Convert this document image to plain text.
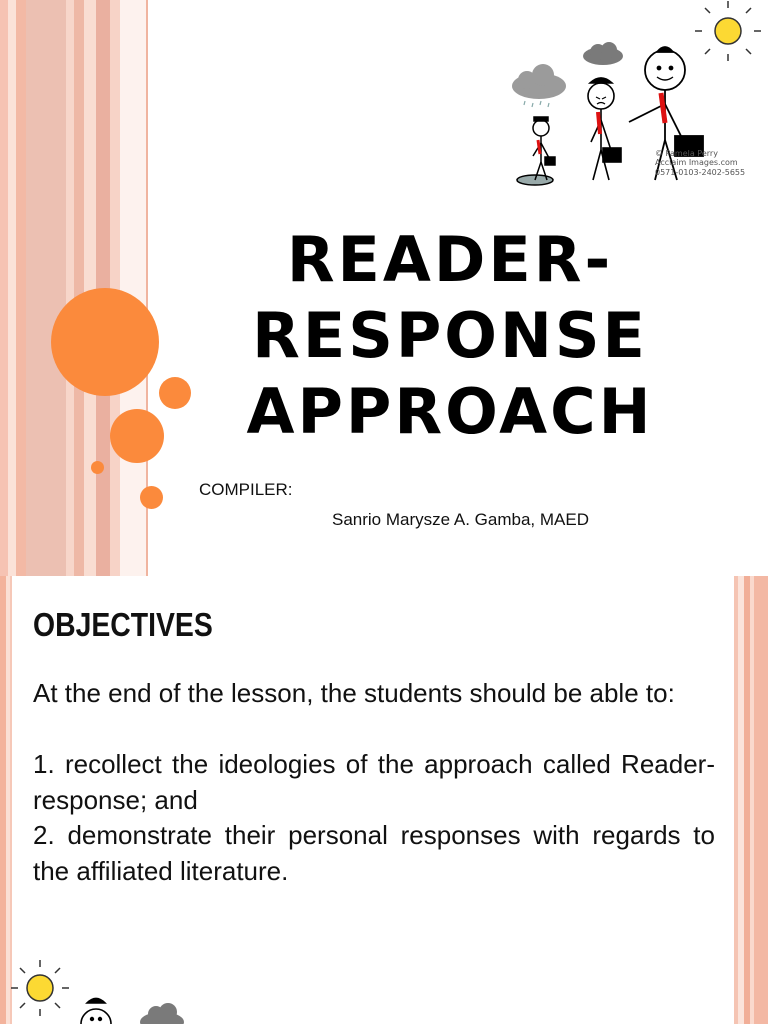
© Pamela Perry
Acclaim Images.com
0571-0103-2402-5655
READER-
RESPONSE
APPROACH
COMPILER:
Sanrio Marysze A. Gamba, MAED
OBJECTIVES

At the end of the lesson, the students should be able to:

1. recollect the ideologies of the approach called Reader-response; and

2. demonstrate their personal responses with regards to the affiliated literature.
